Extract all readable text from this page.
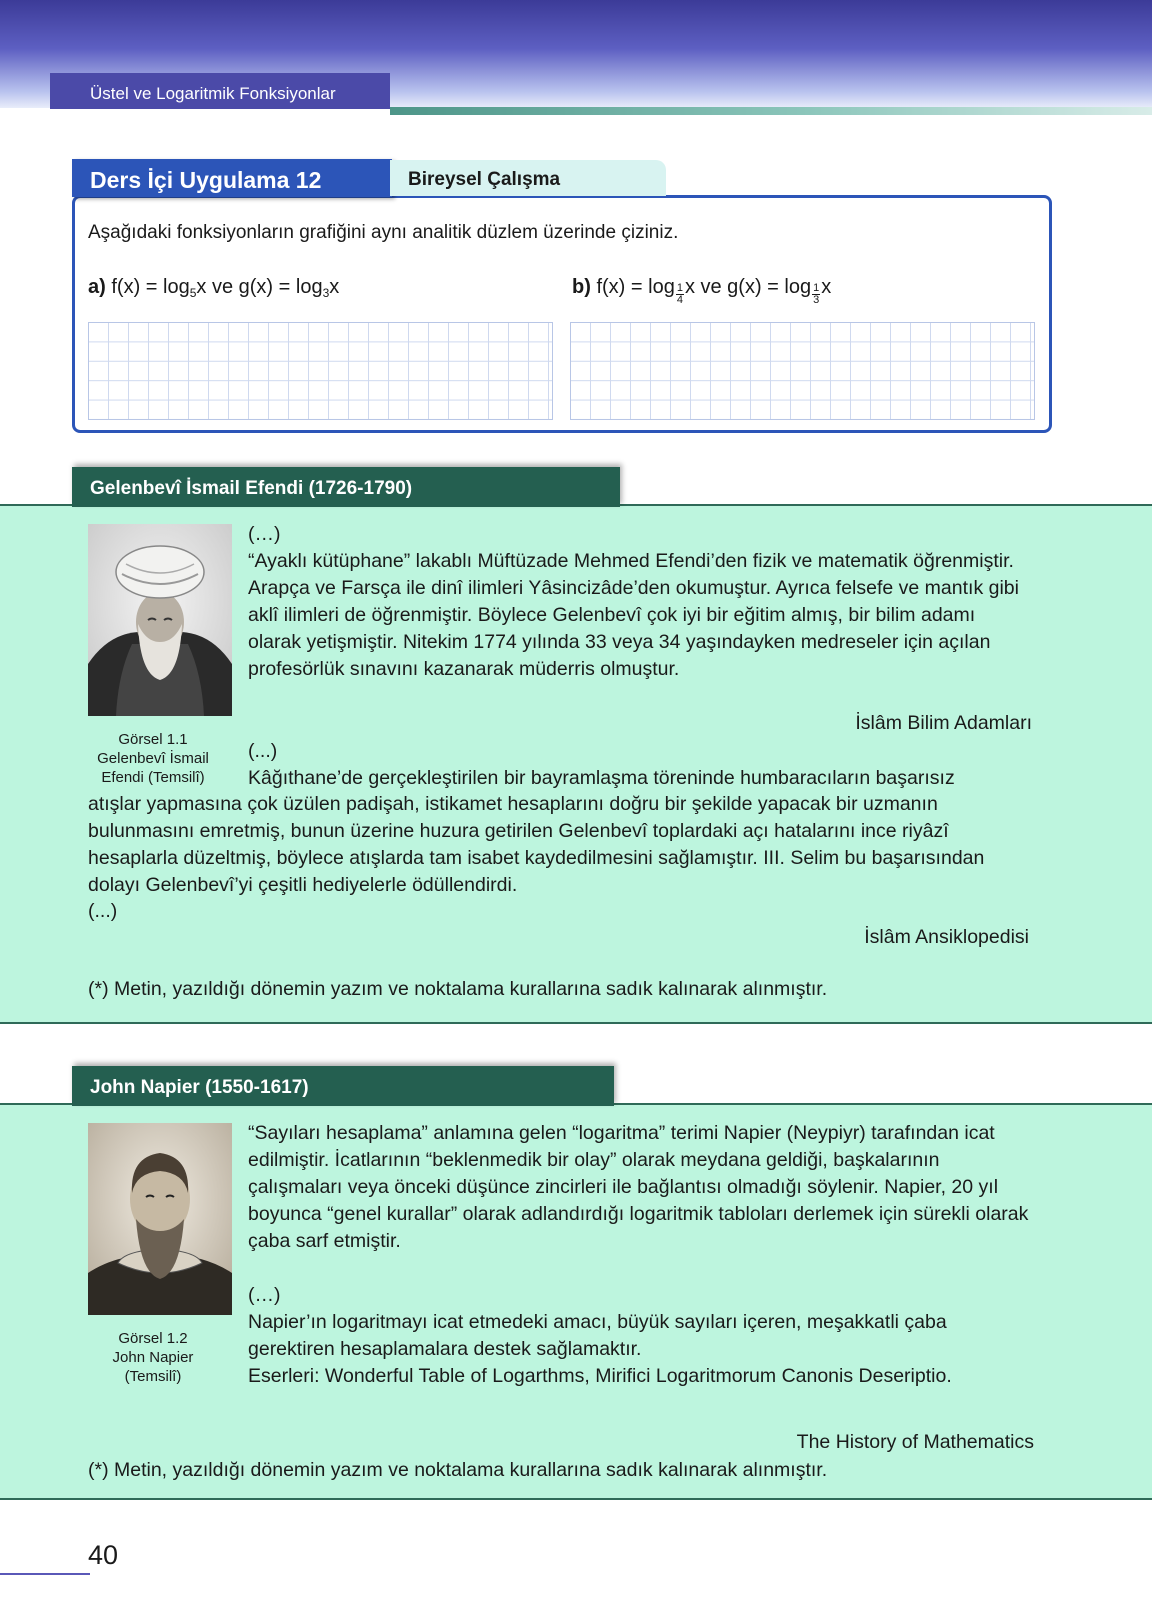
Üstel ve Logaritmik Fonksiyonlar
Ders İçi Uygulama 12	Bireysel Çalışma
Aşağıdaki fonksiyonların grafiğini aynı analitik düzlem üzerinde çiziniz.
a) $f(x) = \log_5x$ ve $g(x) = \log_3x$	b) $f(x) = \log \frac{1}{4}$ x ve $g(x) = \log \frac{1}{3}$ x
Gelenbevî İsmail Efendi (1726-1790)
Görsel 1.1
Gelenbevî İsmail
Efendi (Temsilî)
(…)

“Ayaklı kütüphane” lakablı Müftüzade Mehmed Efendi’den fizik ve matematik öğrenmiştir. Arapça ve Farsça ile dinî ilimleri Yâsincizâde’den okumuştur. Ayrıca felsefe ve mantık gibi aklî ilimleri de öğrenmiştir. Böylece Gelenbevî çok iyi bir eğitim almış, bir bilim adamı olarak yetişmiştir. Nitekim 1774 yılında 33 veya 34 yaşındayken medreseler için açılan profesörlük sınavını kazanarak müderris olmuştur.

İslâm Bilim Adamları
(...)
Kâğıthane’de gerçekleştirilen bir bayramlaşma töreninde humbaracıların başarısız

atışlar yapmasına çok üzülen padişah, istikamet hesaplarını doğru bir şekilde yapacak bir uzmanın bulunmasını emretmiş, bunun üzerine huzura getirilen Gelenbevî toplardaki açı hatalarını ince riyâzî hesaplarla düzeltmiş, böylece atışlarda tam isabet kaydedilmesini sağlamıştır. III. Selim bu başarısından dolayı Gelenbevî’yi çeşitli hediyelerle ödüllendirdi.

(...)
İslâm Ansiklopedisi
(*) Metin, yazıldığı dönemin yazım ve noktalama kurallarına sadık kalınarak alınmıştır.
John Napier (1550-1617)
Görsel 1.2
John Napier
(Temsilî)

“Sayıları hesaplama” anlamına gelen “logaritma” terimi Napier (Neypiyr) tarafından icat edilmiştir. İcatlarının “beklenmedik bir olay” olarak meydana geldiği, başkalarının çalışmaları veya önceki düşünce zincirleri ile bağlantısı olmadığı söylenir. Napier, 20 yıl boyunca “genel kurallar” olarak adlandırdığı logaritmik tabloları derlemek için sürekli olarak çaba sarf etmiştir.

(…)

Napier’ın logaritmayı icat etmedeki amacı, büyük sayıları içeren, meşakkatli çaba gerektiren hesaplamalara destek sağlamaktır.

Eserleri: Wonderful Table of Logarthms, Mirifici Logaritmorum Canonis Deseriptio.
The History of Mathematics
(*) Metin, yazıldığı dönemin yazım ve noktalama kurallarına sadık kalınarak alınmıştır.
40
